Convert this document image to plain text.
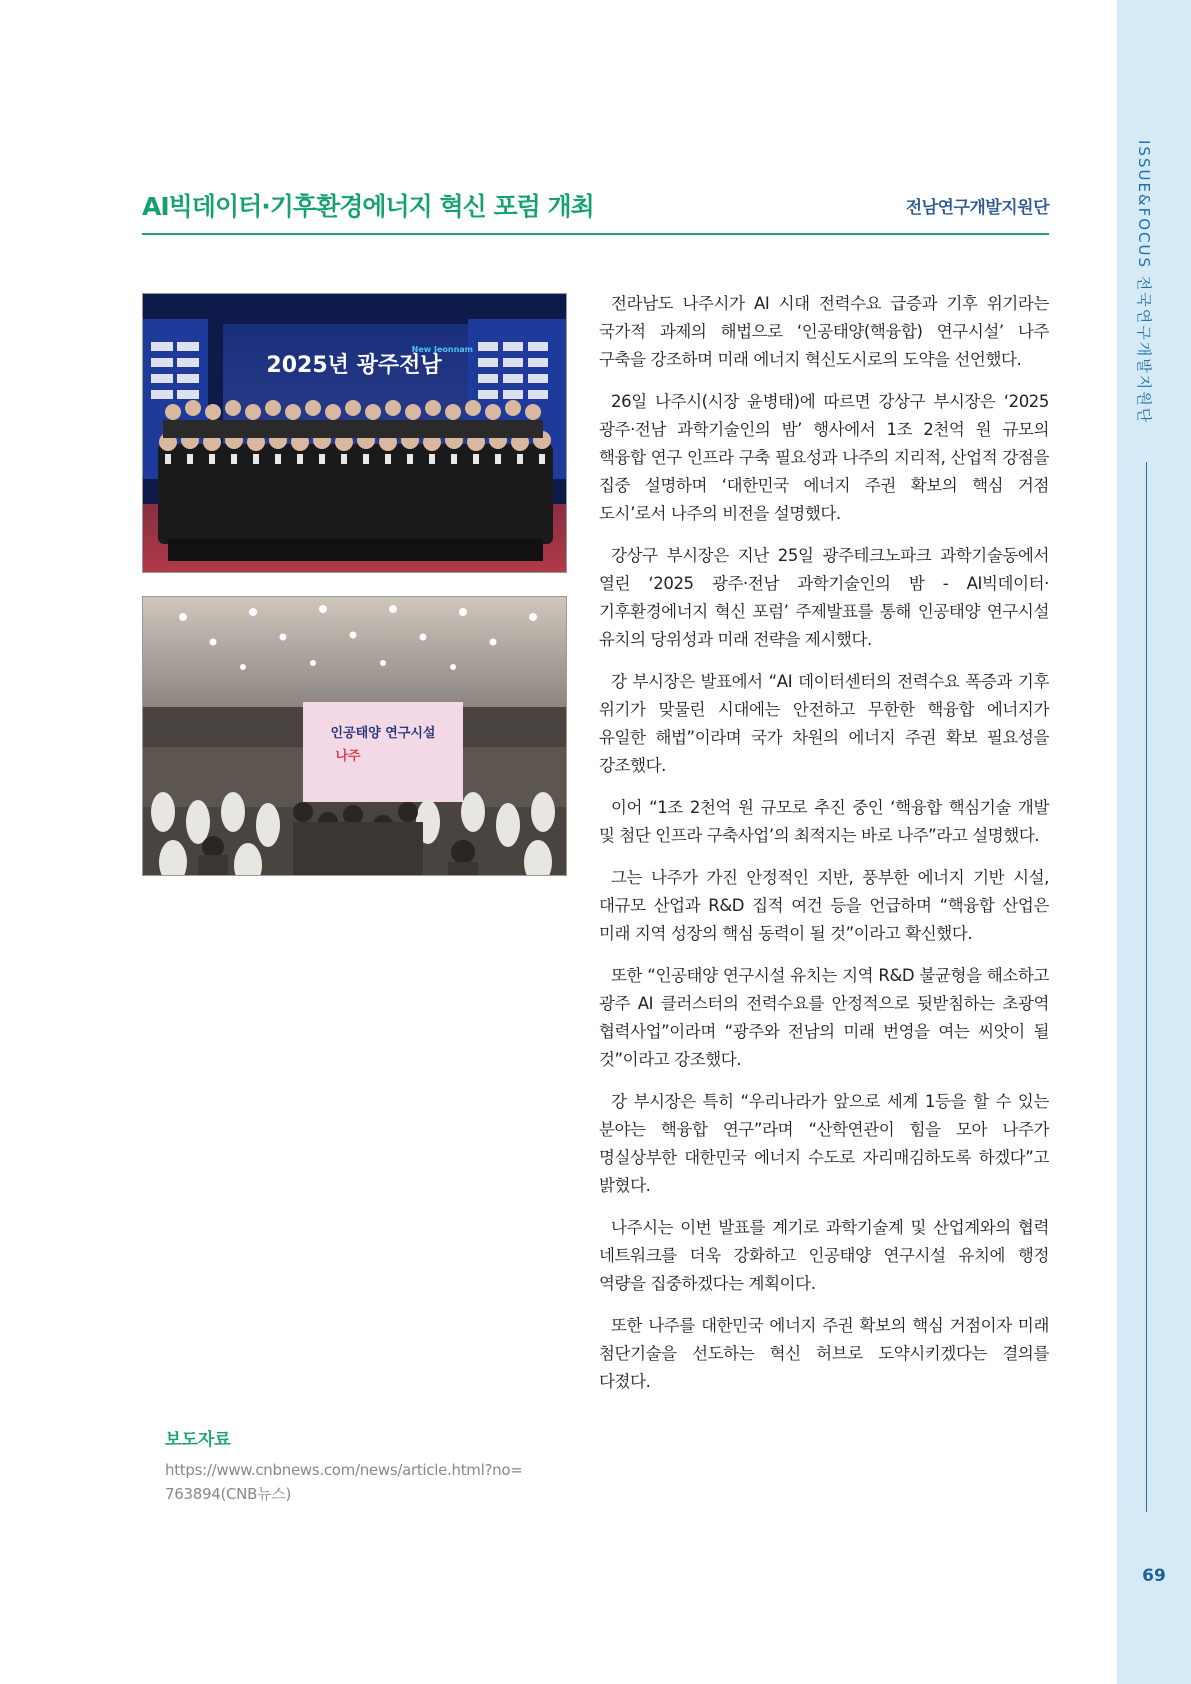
ISSUE&FOCUS 전국연구개발지원단
69
AI빅데이터·기후환경에너지 혁신 포럼 개최	전남연구개발지원단
2025년 광주전남
New Jeonnam
인공태양 연구시설
나주
보도자료
https://www.cnbnews.com/news/article.html?no=763894(CNB뉴스)

전라남도 나주시가 AI 시대 전력수요 급증과 기후 위기라는 국가적 과제의 해법으로 ‘인공태양(핵융합) 연구시설’ 나주 구축을 강조하며 미래 에너지 혁신도시로의 도약을 선언했다.

26일 나주시(시장 윤병태)에 따르면 강상구 부시장은 ‘2025 광주·전남 과학기술인의 밤’ 행사에서 1조 2천억 원 규모의 핵융합 연구 인프라 구축 필요성과 나주의 지리적, 산업적 강점을 집중 설명하며 ‘대한민국 에너지 주권 확보의 핵심 거점 도시’로서 나주의 비전을 설명했다.

강상구 부시장은 지난 25일 광주테크노파크 과학기술동에서 열린 ‘2025 광주·전남 과학기술인의 밤 - AI빅데이터·기후환경에너지 혁신 포럼’ 주제발표를 통해 인공태양 연구시설 유치의 당위성과 미래 전략을 제시했다.

강 부시장은 발표에서 “AI 데이터센터의 전력수요 폭증과 기후 위기가 맞물린 시대에는 안전하고 무한한 핵융합 에너지가 유일한 해법”이라며 국가 차원의 에너지 주권 확보 필요성을 강조했다.

이어 “1조 2천억 원 규모로 추진 중인 ‘핵융합 핵심기술 개발 및 첨단 인프라 구축사업’의 최적지는 바로 나주”라고 설명했다.

그는 나주가 가진 안정적인 지반, 풍부한 에너지 기반 시설, 대규모 산업과 R&D 집적 여건 등을 언급하며 “핵융합 산업은 미래 지역 성장의 핵심 동력이 될 것”이라고 확신했다.

또한 “인공태양 연구시설 유치는 지역 R&D 불균형을 해소하고 광주 AI 클러스터의 전력수요를 안정적으로 뒷받침하는 초광역 협력사업”이라며 “광주와 전남의 미래 번영을 여는 씨앗이 될 것”이라고 강조했다.

강 부시장은 특히 “우리나라가 앞으로 세계 1등을 할 수 있는 분야는 핵융합 연구”라며 “산학연관이 힘을 모아 나주가 명실상부한 대한민국 에너지 수도로 자리매김하도록 하겠다”고 밝혔다.

나주시는 이번 발표를 계기로 과학기술계 및 산업계와의 협력 네트워크를 더욱 강화하고 인공태양 연구시설 유치에 행정 역량을 집중하겠다는 계획이다.

또한 나주를 대한민국 에너지 주권 확보의 핵심 거점이자 미래 첨단기술을 선도하는 혁신 허브로 도약시키겠다는 결의를 다졌다.
